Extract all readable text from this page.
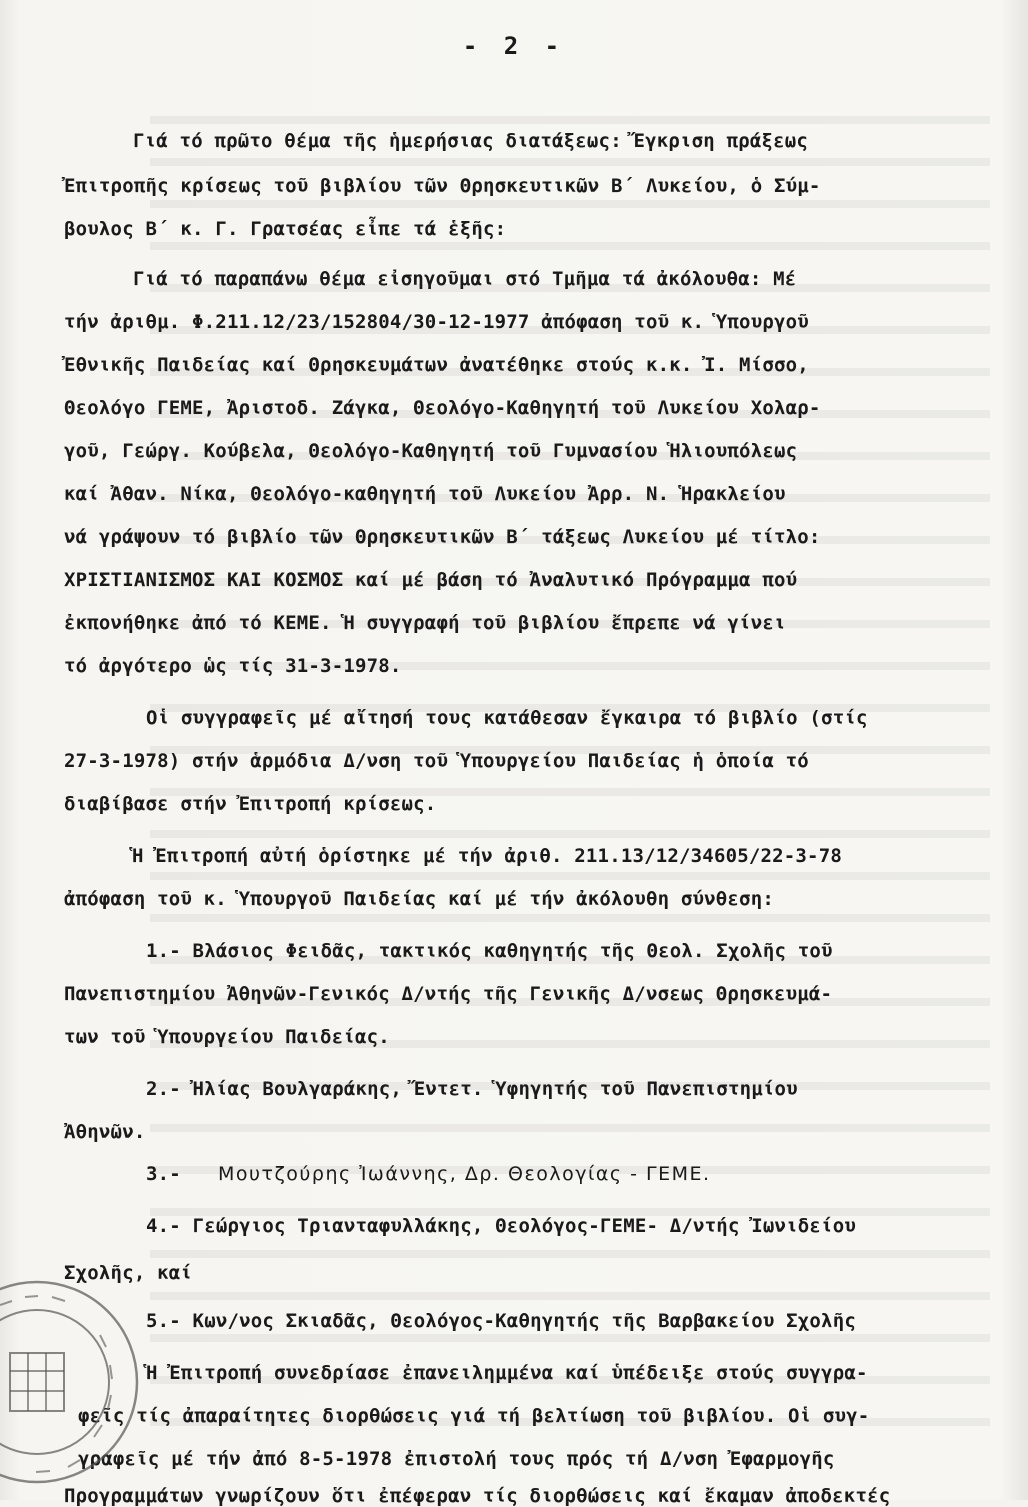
- 2 -
Γιά τό πρῶτο θέμα τῆς ἡμερήσιας διατάξεως: Ἔγκριση πράξεως
Ἐπιτροπῆς κρίσεως τοῦ βιβλίου τῶν Θρησκευτικῶν Β΄ Λυκείου, ὁ Σύμ-
βουλος Β΄ κ. Γ. Γρατσέας εἶπε τά ἑξῆς:
Γιά τό παραπάνω θέμα εἰσηγοῦμαι στό Τμῆμα τά ἀκόλουθα: Μέ
τήν ἀριθμ. Φ.211.12/23/152804/30-12-1977 ἀπόφαση τοῦ κ. Ὑπουργοῦ
Ἐθνικῆς Παιδείας καί Θρησκευμάτων ἀνατέθηκε στούς κ.κ. Ἰ. Μίσσο,
Θεολόγο ΓΕΜΕ, Ἀριστοδ. Ζάγκα, Θεολόγο-Καθηγητή τοῦ Λυκείου Χολαρ-
γοῦ, Γεώργ. Κούβελα, Θεολόγο-Καθηγητή τοῦ Γυμνασίου Ἡλιουπόλεως
καί Ἀθαν. Νίκα, Θεολόγο-καθηγητή τοῦ Λυκείου Ἀρρ. Ν. Ἡρακλείου
νά γράψουν τό βιβλίο τῶν Θρησκευτικῶν Β΄ τάξεως Λυκείου μέ τίτλο:
ΧΡΙΣΤΙΑΝΙΣΜΟΣ ΚΑΙ ΚΟΣΜΟΣ καί μέ βάση τό Ἀναλυτικό Πρόγραμμα πού
ἐκπονήθηκε ἀπό τό ΚΕΜΕ. Ἡ συγγραφή τοῦ βιβλίου ἔπρεπε νά γίνει
τό ἀργότερο ὡς τίς 31-3-1978.
Οἱ συγγραφεῖς μέ αἴτησή τους κατάθεσαν ἔγκαιρα τό βιβλίο (στίς
27-3-1978) στήν ἁρμόδια Δ/νση τοῦ Ὑπουργείου Παιδείας ἡ ὁποία τό
διαβίβασε στήν Ἐπιτροπή κρίσεως.
Ἡ Ἐπιτροπή αὐτή ὁρίστηκε μέ τήν ἀριθ. 211.13/12/34605/22-3-78
ἀπόφαση τοῦ κ. Ὑπουργοῦ Παιδείας καί μέ τήν ἀκόλουθη σύνθεση:
1.- Βλάσιος Φειδᾶς, τακτικός καθηγητής τῆς Θεολ. Σχολῆς τοῦ
Πανεπιστημίου Ἀθηνῶν-Γενικός Δ/ντής τῆς Γενικῆς Δ/νσεως Θρησκευμά-
των τοῦ Ὑπουργείου Παιδείας.
2.- Ἠλίας Βουλγαράκης, Ἔντετ. Ὑφηγητής τοῦ Πανεπιστημίου
Ἀθηνῶν.
3.- Μουτζούρης Ἰωάννης, Δρ. Θεολογίας - ΓΕΜΕ.
4.- Γεώργιος Τριανταφυλλάκης, Θεολόγος-ΓΕΜΕ- Δ/ντής Ἰωνιδείου
Σχολῆς, καί
5.- Κων/νος Σκιαδᾶς, Θεολόγος-Καθηγητής τῆς Βαρβακείου Σχολῆς
Ἡ Ἐπιτροπή συνεδρίασε ἐπανειλημμένα καί ὑπέδειξε στούς συγγρα-
φεῖς τίς ἀπαραίτητες διορθώσεις γιά τή βελτίωση τοῦ βιβλίου. Οἱ συγ-
γραφεῖς μέ τήν ἀπό 8-5-1978 ἐπιστολή τους πρός τή Δ/νση Ἐφαρμογῆς
Προγραμμάτων γνωρίζουν ὅτι ἐπέφεραν τίς διορθώσεις καί ἔκαμαν ἀποδεκτές
